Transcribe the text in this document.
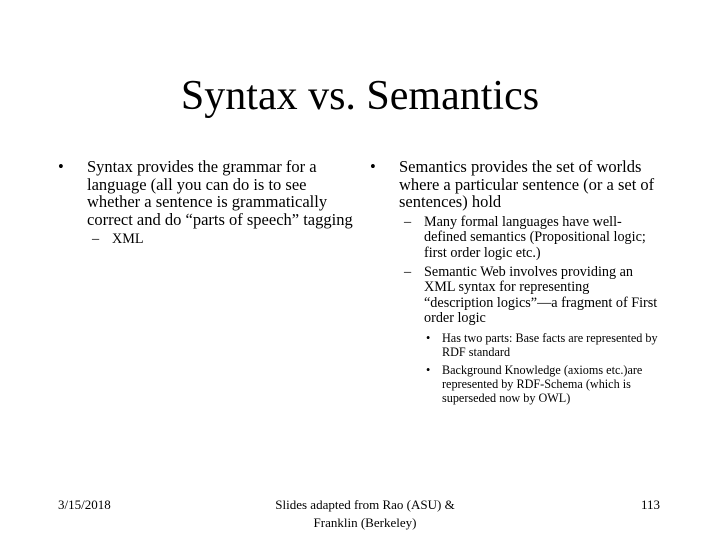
Syntax vs. Semantics
• Syntax provides the grammar for a language (all you can do is to see whether a sentence is grammatically correct and do “parts of speech” tagging
– XML
• Semantics provides the set of worlds where a particular sentence (or a set of sentences) hold
– Many formal languages have well-defined semantics (Propositional logic; first order logic etc.)
– Semantic Web involves providing an XML syntax for representing “description logics”—a fragment of First order logic
• Has two parts: Base facts are represented by RDF standard
• Background Knowledge (axioms etc.)are represented by RDF-Schema (which is superseded now by OWL)
3/15/2018	Slides adapted from Rao (ASU) & Franklin (Berkeley)
113
